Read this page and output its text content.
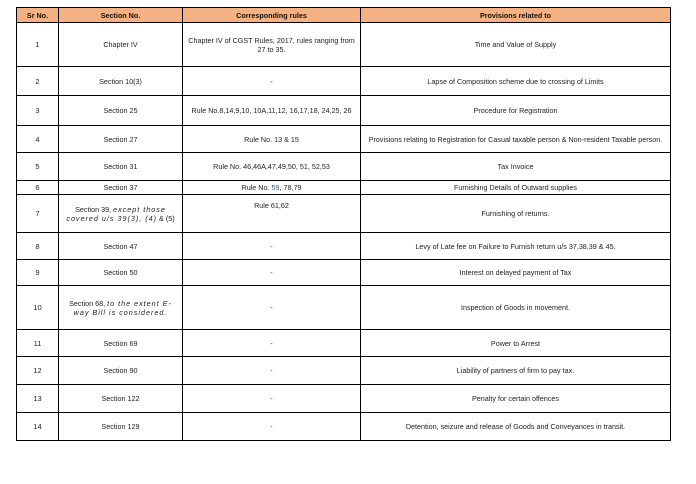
Sr No.	Section No.	Corresponding rules	Provisions related to
1	Chapter IV	Chapter IV of CGST Rules, 2017, rules ranging from 27 to 35.	Time and Value of Supply
2	Section 10(3)	-	Lapse of Composition scheme due to crossing of Limits
3	Section 25	Rule No.8,14,9,10, 10A,11,12, 16,17,18, 24,25, 26	Procedure for Registration
4	Section 27	Rule No. 13 & 15	Provisions relating to Registration for Casual taxable person & Non-resident Taxable person.
5	Section 31	Rule No. 46,46A,47,49,50, 51, 52,53	Tax Invoice
6	Section 37	Rule No. 59, 78,79	Furnishing Details of Outward supplies
7	Section 39, except those covered u/s 39(3), (4) & (5)	Rule 61,62	Furnishing of returns.
8	Section 47	-	Levy of Late fee on Failure to Furnish return u/s 37,38,39 & 45.
9	Section 50	-	Interest on delayed payment of Tax
10	Section 68, to the extent E-way Bill is considered.	-	Inspection of Goods in movement.
11	Section 69	-	Power to Arrest
12	Section 90	-	Liability of partners of firm to pay tax.
13	Section 122	-	Penalty for certain offences
14	Section 129	-	Detention, seizure and release of Goods and Conveyances in transit.
